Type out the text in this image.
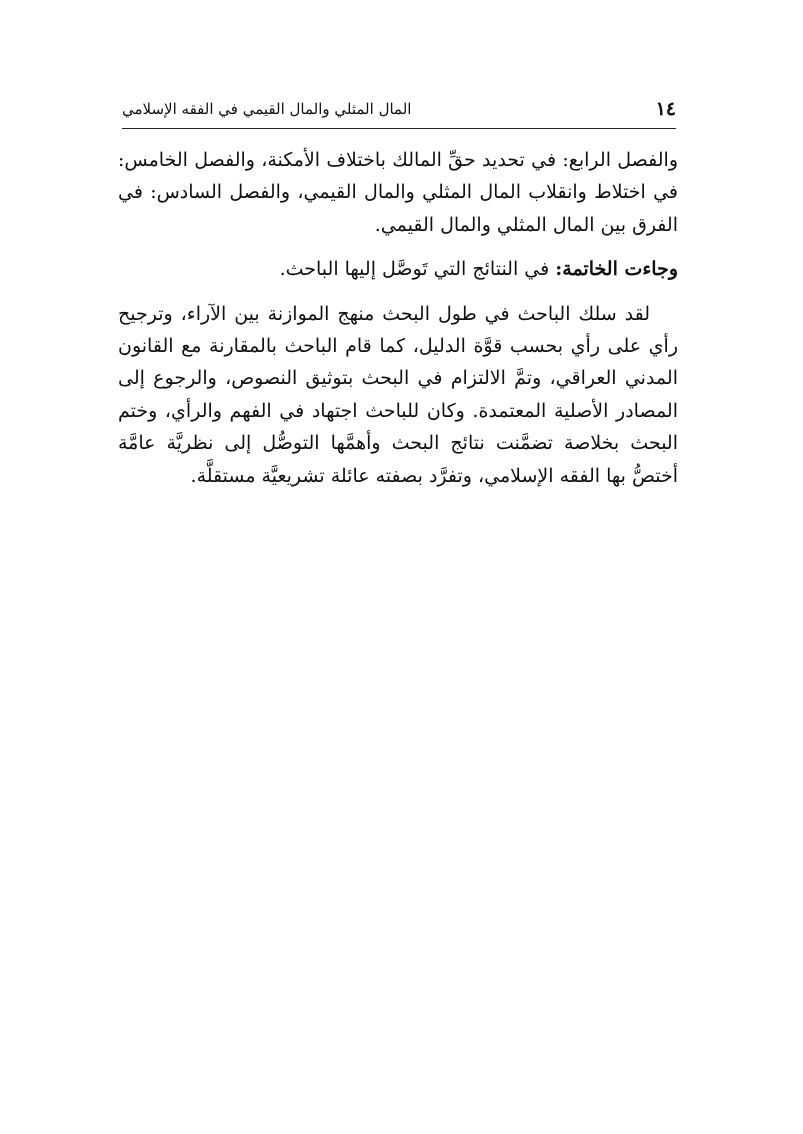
١٤
المال المثلي والمال القيمي في الفقه الإسلامي

والفصل الرابع: في تحديد حقِّ المالك باختلاف الأمكنة، والفصل الخامس: في اختلاط وانقلاب المال المثلي والمال القيمي، والفصل السادس: في الفرق بين المال المثلي والمال القيمي.

وجاءت الخاتمة: في النتائج التي تَوصَّل إليها الباحث.

لقد سلك الباحث في طول البحث منهج الموازنة بين الآراء، وترجيح رأي على رأي بحسب قوَّة الدليل، كما قام الباحث بالمقارنة مع القانون المدني العراقي، وتمَّ الالتزام في البحث بتوثيق النصوص، والرجوع إلى المصادر الأصلية المعتمدة. وكان للباحث اجتهاد في الفهم والرأي، وختم البحث بخلاصة تضمَّنت نتائج البحث وأهمَّها التوصُّل إلى نظريَّة عامَّة أختصُّ بها الفقه الإسلامي، وتفرَّد بصفته عائلة تشريعيَّة مستقلَّة.
